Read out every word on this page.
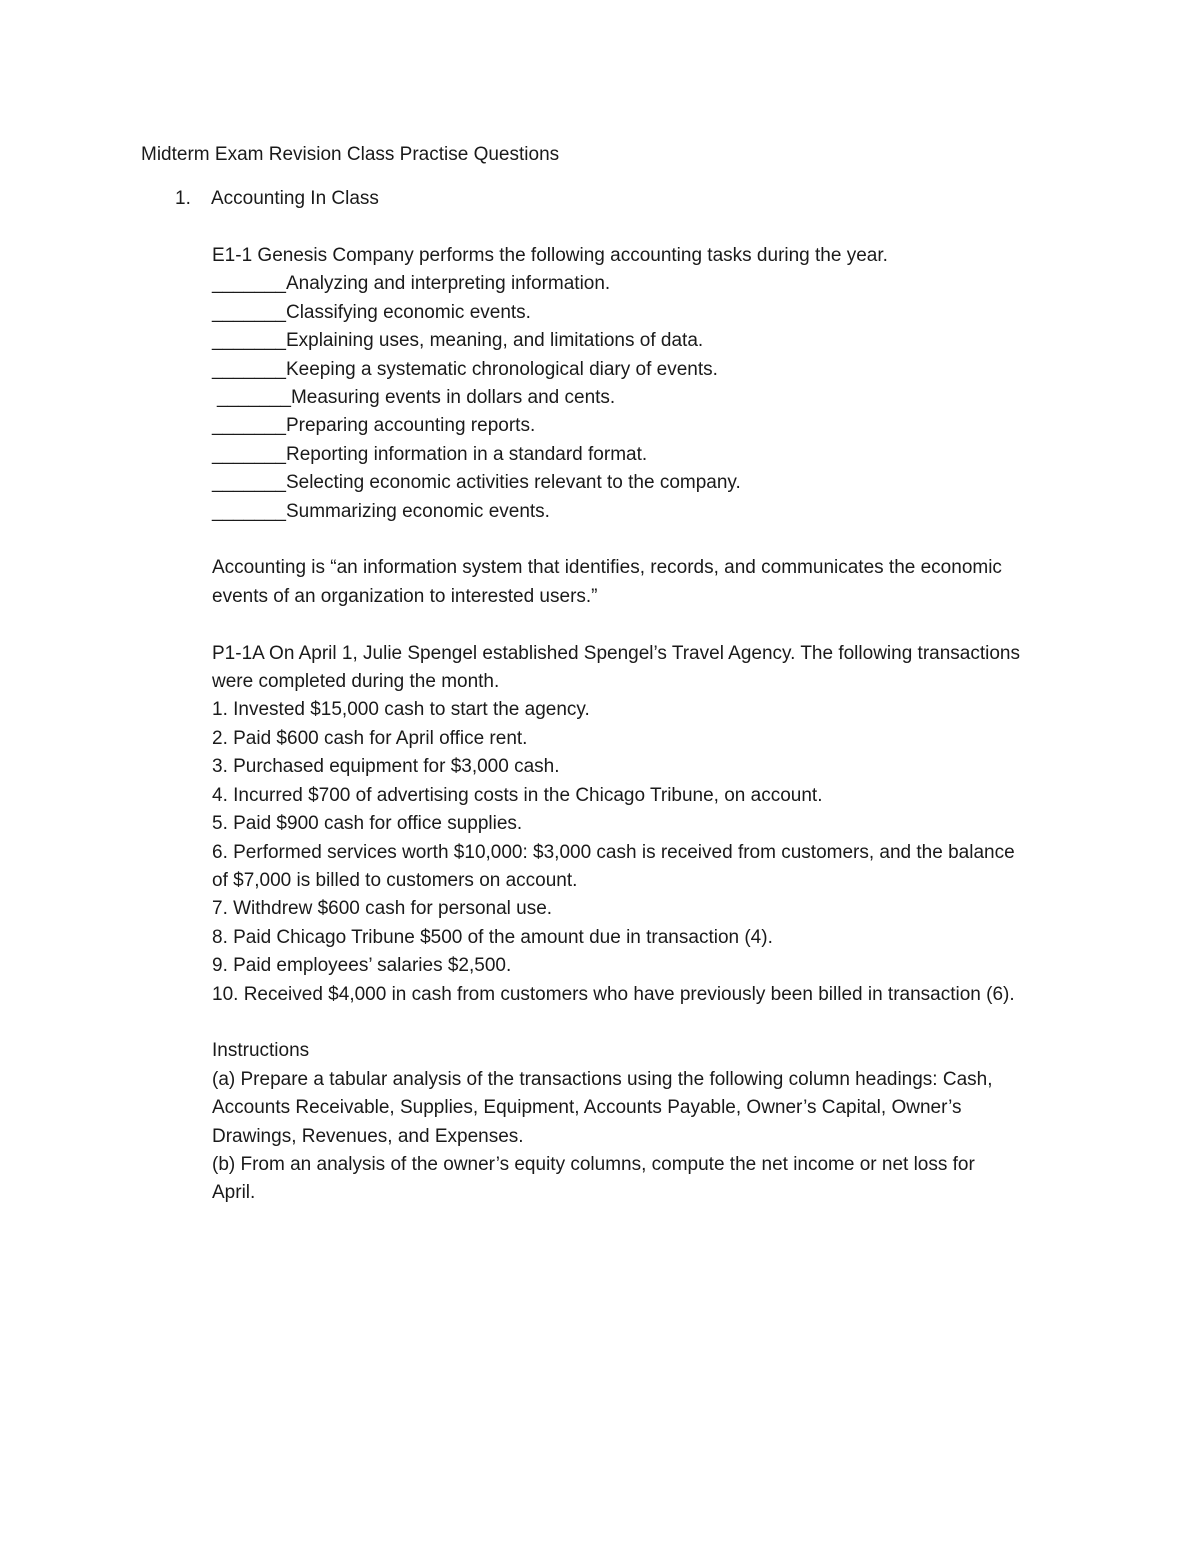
Midterm Exam Revision Class Practise Questions
1. Accounting In Class
E1-1 Genesis Company performs the following accounting tasks during the year.
_______Analyzing and interpreting information.
_______Classifying economic events.
_______Explaining uses, meaning, and limitations of data.
_______Keeping a systematic chronological diary of events.
_______Measuring events in dollars and cents.
_______Preparing accounting reports.
_______Reporting information in a standard format.
_______Selecting economic activities relevant to the company.
_______Summarizing economic events.
Accounting is “an information system that identifies, records, and communicates the economic
events of an organization to interested users.”
P1-1A On April 1, Julie Spengel established Spengel’s Travel Agency. The following transactions
were completed during the month.
1. Invested $15,000 cash to start the agency.
2. Paid $600 cash for April office rent.
3. Purchased equipment for $3,000 cash.
4. Incurred $700 of advertising costs in the Chicago Tribune, on account.
5. Paid $900 cash for office supplies.
6. Performed services worth $10,000: $3,000 cash is received from customers, and the balance
of $7,000 is billed to customers on account.
7. Withdrew $600 cash for personal use.
8. Paid Chicago Tribune $500 of the amount due in transaction (4).
9. Paid employees’ salaries $2,500.
10. Received $4,000 in cash from customers who have previously been billed in transaction (6).
Instructions
(a) Prepare a tabular analysis of the transactions using the following column headings: Cash,
Accounts Receivable, Supplies, Equipment, Accounts Payable, Owner’s Capital, Owner’s
Drawings, Revenues, and Expenses.
(b) From an analysis of the owner’s equity columns, compute the net income or net loss for
April.
